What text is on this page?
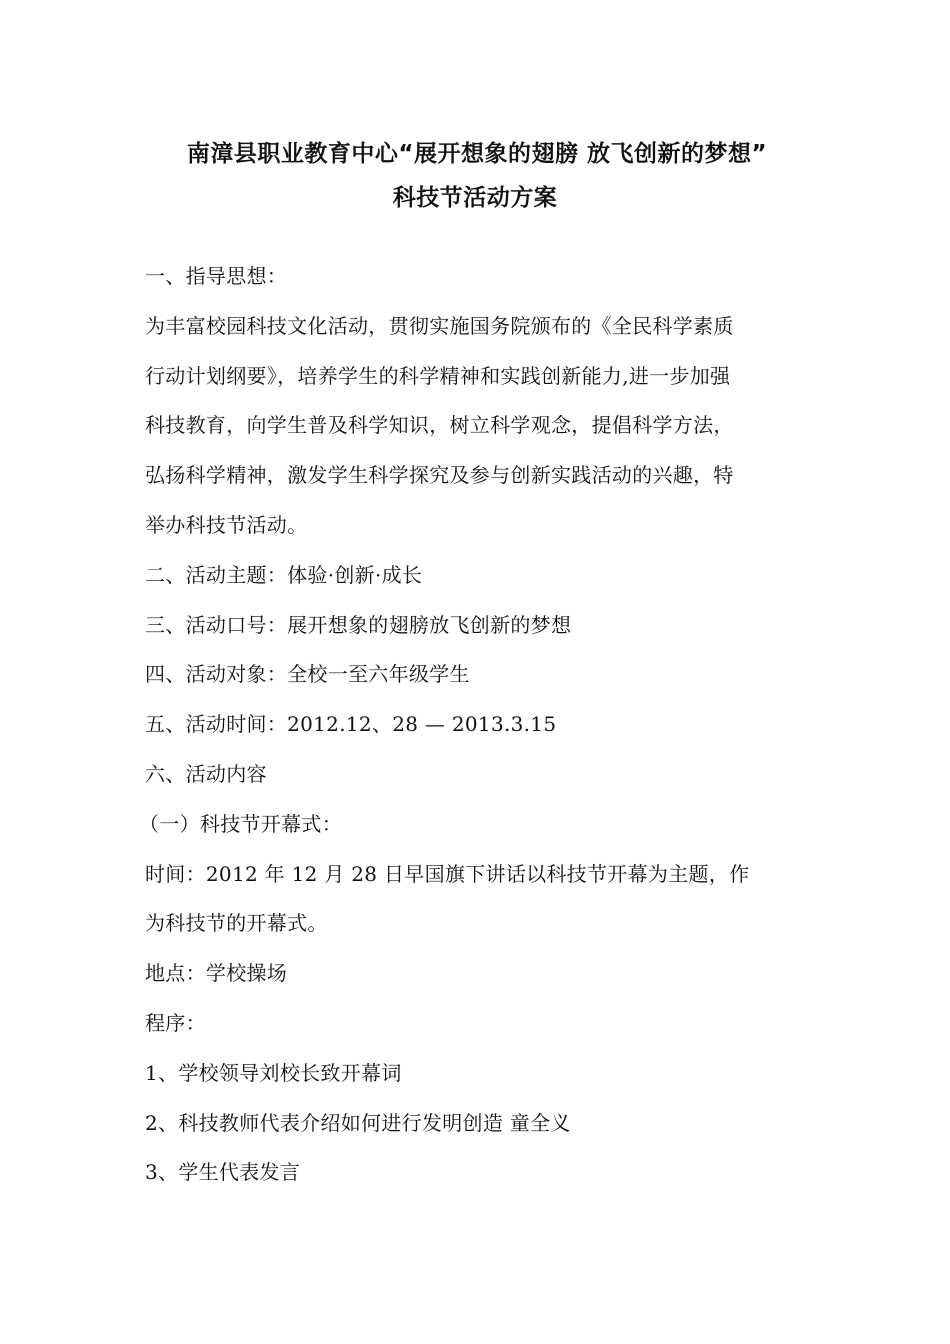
南漳县职业教育中心“展开想象的翅膀 放飞创新的梦想”
科技节活动方案
一、指导思想：
为丰富校园科技文化活动，贯彻实施国务院颁布的《全民科学素质
行动计划纲要》，培养学生的科学精神和实践创新能力,进一步加强
科技教育，向学生普及科学知识，树立科学观念，提倡科学方法，
弘扬科学精神，激发学生科学探究及参与创新实践活动的兴趣，特
举办科技节活动。
二、活动主题：体验·创新·成长
三、活动口号：展开想象的翅膀放飞创新的梦想
四、活动对象：全校一至六年级学生
五、活动时间：2012.12、28 — 2013.3.15
六、活动内容
（一）科技节开幕式：
时间：2012 年 12 月 28 日早国旗下讲话以科技节开幕为主题，作
为科技节的开幕式。
地点：学校操场
程序：
1、学校领导刘校长致开幕词
2、科技教师代表介绍如何进行发明创造 童全义
3、学生代表发言
